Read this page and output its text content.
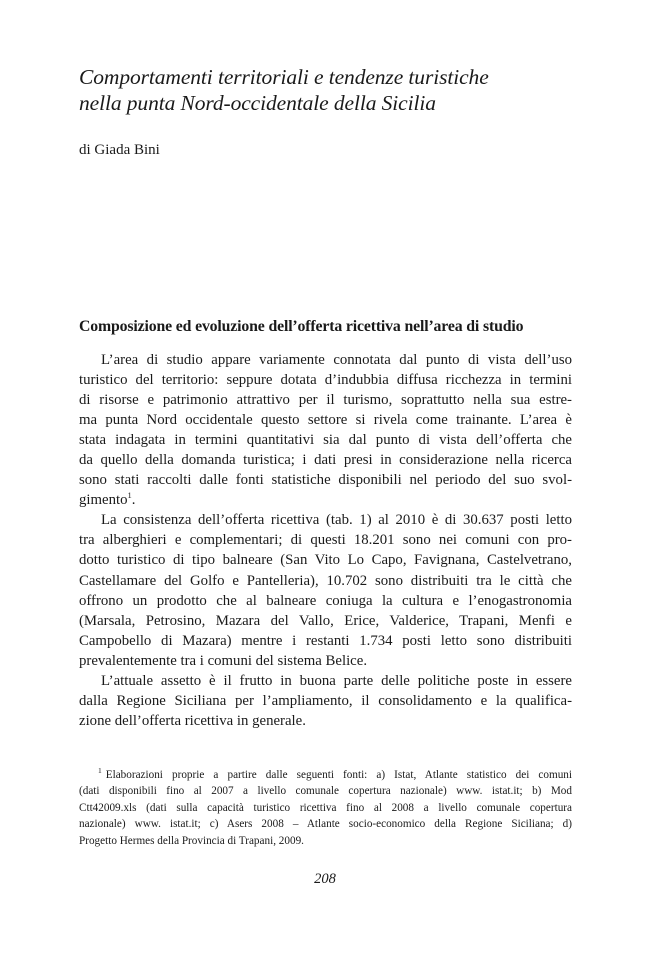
Comportamenti territoriali e tendenze turistiche
nella punta Nord-occidentale della Sicilia
di Giada Bini
Composizione ed evoluzione dell’offerta ricettiva nell’area di studio
L’area di studio appare variamente connotata dal punto di vista dell’uso
turistico del territorio: seppure dotata d’indubbia diffusa ricchezza in termini
di risorse e patrimonio attrattivo per il turismo, soprattutto nella sua estre-
ma punta Nord occidentale questo settore si rivela come trainante. L’area è
stata indagata in termini quantitativi sia dal punto di vista dell’offerta che
da quello della domanda turistica; i dati presi in considerazione nella ricerca
sono stati raccolti dalle fonti statistiche disponibili nel periodo del suo svol-
gimento$^1$.
La consistenza dell’offerta ricettiva (tab. 1) al 2010 è di 30.637 posti letto
tra alberghieri e complementari; di questi 18.201 sono nei comuni con pro-
dotto turistico di tipo balneare (San Vito Lo Capo, Favignana, Castelvetrano,
Castellamare del Golfo e Pantelleria), 10.702 sono distribuiti tra le città che
offrono un prodotto che al balneare coniuga la cultura e l’enogastronomia
(Marsala, Petrosino, Mazara del Vallo, Erice, Valderice, Trapani, Menfi e
Campobello di Mazara) mentre i restanti 1.734 posti letto sono distribuiti
prevalentemente tra i comuni del sistema Belice.
L’attuale assetto è il frutto in buona parte delle politiche poste in essere
dalla Regione Siciliana per l’ampliamento, il consolidamento e la qualifica-
zione dell’offerta ricettiva in generale.
$^1$ Elaborazioni proprie a partire dalle seguenti fonti: a) Istat, Atlante statistico dei comuni
(dati disponibili fino al 2007 a livello comunale copertura nazionale) www. istat.it; b) Mod
Ctt42009.xls (dati sulla capacità turistico ricettiva fino al 2008 a livello comunale copertura
nazionale) www. istat.it; c) Asers 2008 – Atlante socio-economico della Regione Siciliana; d)
Progetto Hermes della Provincia di Trapani, 2009.
208
